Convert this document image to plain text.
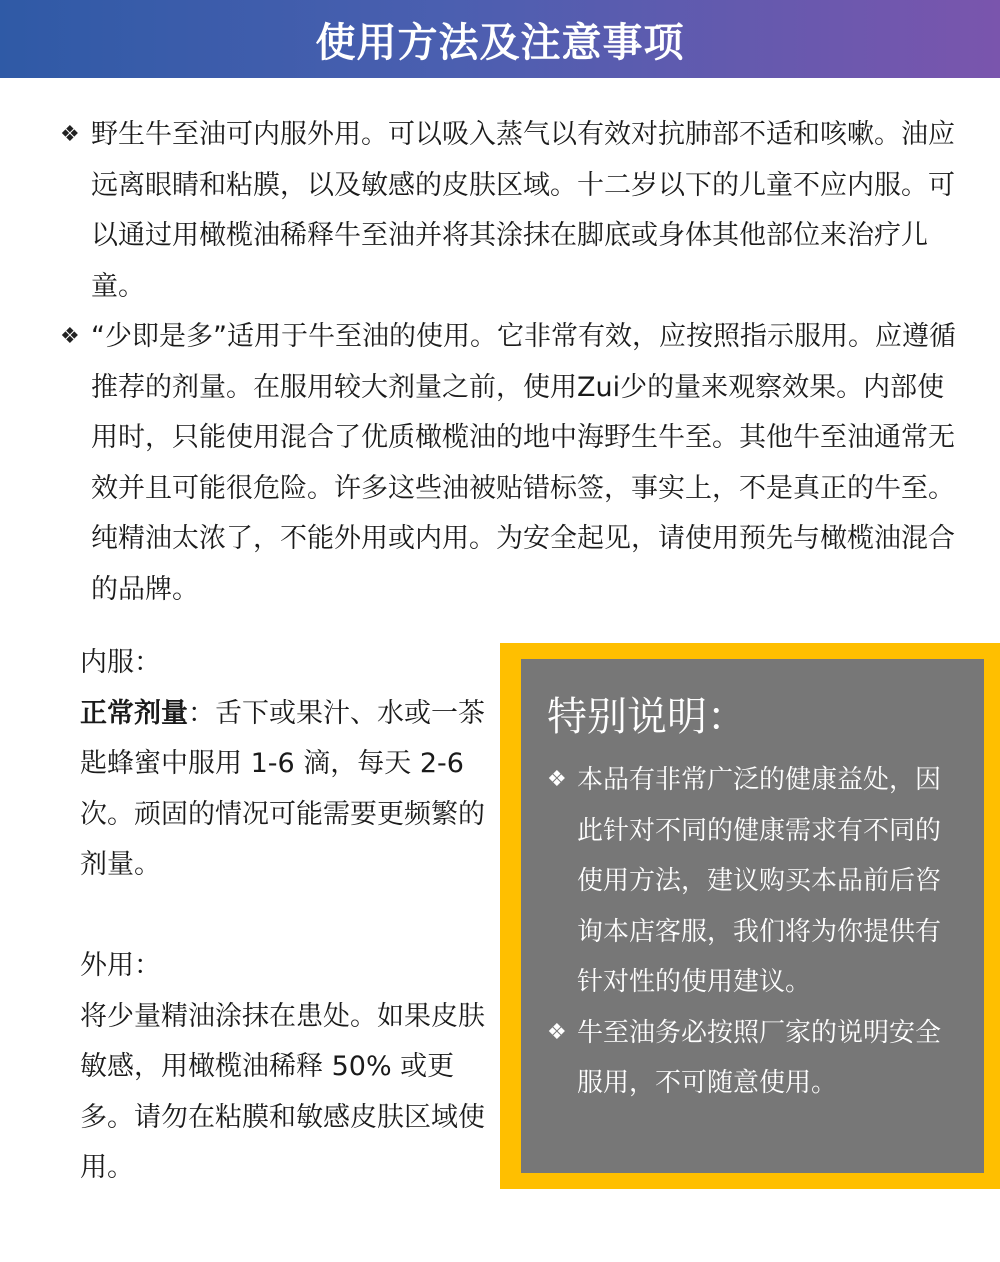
使用方法及注意事项
❖ 野生牛至油可内服外用。可以吸入蒸气以有效对抗肺部不适和咳嗽。油应远离眼睛和粘膜，以及敏感的皮肤区域。十二岁以下的儿童不应内服。可以通过用橄榄油稀释牛至油并将其涂抹在脚底或身体其他部位来治疗儿童。
❖ “少即是多”适用于牛至油的使用。它非常有效，应按照指示服用。应遵循推荐的剂量。在服用较大剂量之前，使用Zui少的量来观察效果。内部使用时，只能使用混合了优质橄榄油的地中海野生牛至。其他牛至油通常无效并且可能很危险。许多这些油被贴错标签，事实上，不是真正的牛至。纯精油太浓了，不能外用或内用。为安全起见，请使用预先与橄榄油混合的品牌。
内服：
正常剂量：舌下或果汁、水或一茶匙蜂蜜中服用 1-6 滴，每天 2-6 次。顽固的情况可能需要更频繁的剂量。
外用：
将少量精油涂抹在患处。如果皮肤敏感，用橄榄油稀释 50% 或更多。请勿在粘膜和敏感皮肤区域使用。
特别说明：
❖ 本品有非常广泛的健康益处，因此针对不同的健康需求有不同的使用方法，建议购买本品前后咨询本店客服，我们将为你提供有针对性的使用建议。
❖ 牛至油务必按照厂家的说明安全服用，不可随意使用。
